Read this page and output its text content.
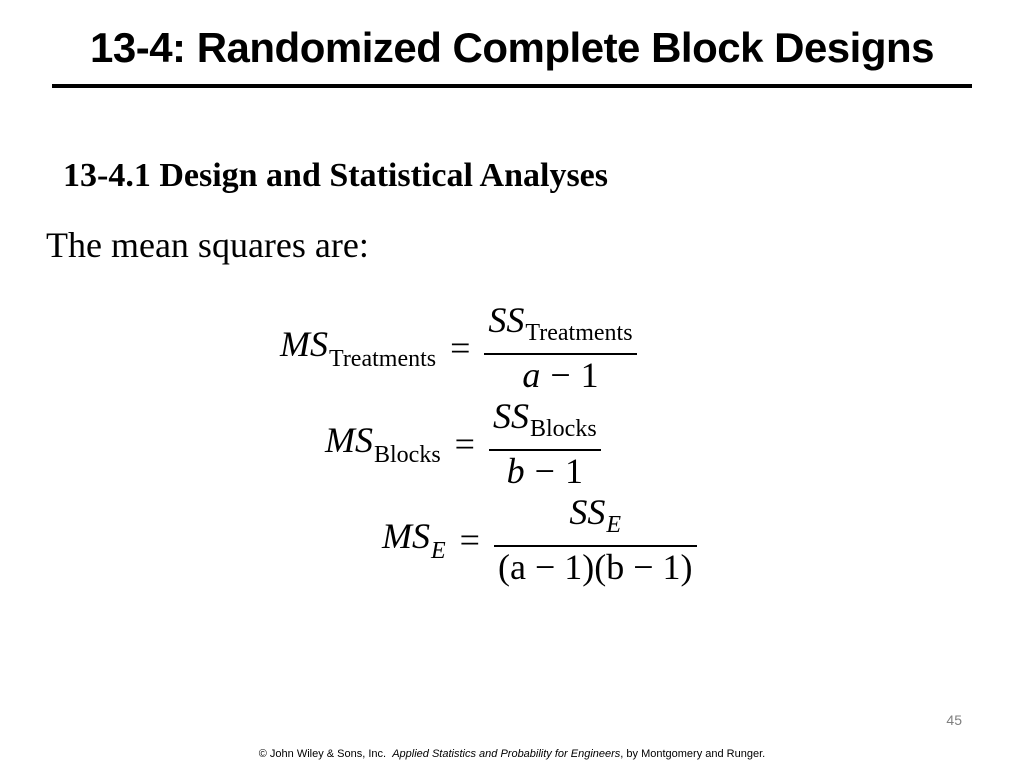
13-4: Randomized Complete Block Designs
13-4.1 Design and Statistical Analyses
The mean squares are:
$MS_{Treatments} = \frac{SS_{Treatments}}{a - 1}$
$MS_{Blocks} = \frac{SS_{Blocks}}{b - 1}$
$MS_E = \frac{SS_E}{(a - 1)(b - 1)}$
45
© John Wiley & Sons, Inc. Applied Statistics and Probability for Engineers, by Montgomery and Runger.
